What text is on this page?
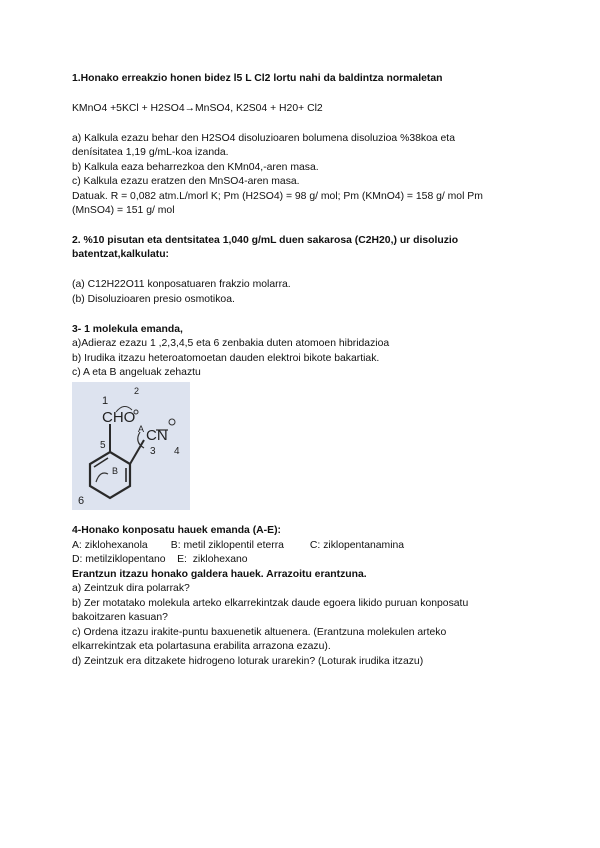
1.Honako erreakzio honen bidez l5 L Cl2 lortu nahi da baldintza normaletan
KMnO4 +5KCl + H2SO4→MnSO4, K2S04 + H20+ Cl2
a) Kalkula ezazu behar den H2SO4 disoluzioaren bolumena disoluzioa %38koa eta
denísitatea 1,19 g/mL-koa izanda.
b) Kalkula eaza beharrezkoa den KMn04,-aren masa.
c) Kalkula ezazu eratzen den MnSO4-aren masa.
Datuak. R = 0,082 atm.L/morl K; Pm (H2SO4) = 98 g/ mol; Pm (KMnO4) = 158 g/ mol Pm
(MnSO4) = 151 g/ mol
2. %10 pisutan eta dentsitatea 1,040 g/mL duen sakarosa (C2H20,) ur disoluzio
batentzat,kalkulatu:
(a) C12H22O11 konposatuaren frakzio molarra.
(b) Disoluzioaren presio osmotikoa.
3- 1 molekula emanda,
a)Adieraz ezazu 1 ,2,3,4,5 eta 6 zenbakia duten atomoen hibridazioa
b) Irudika itzazu heteroatomoetan dauden elektroi bikote bakartiak.
c) A eta B angeluak zehaztu
1
2
CHO
5
A CN
3 4
B
6
4-Honako konposatu hauek emanda (A-E):
A: ziklohexanola        B: metil ziklopentil eterra         C: ziklopentanamina
D: metilziklopentano    E:  ziklohexano
Erantzun itzazu honako galdera hauek. Arrazoitu erantzuna.
a) Zeintzuk dira polarrak?
b) Zer motatako molekula arteko elkarrekintzak daude egoera likido puruan konposatu
bakoitzaren kasuan?
c) Ordena itzazu irakite-puntu baxuenetik altuenera. (Erantzuna molekulen arteko
elkarrekintzak eta polartasuna erabilita arrazona ezazu).
d) Zeintzuk era ditzakete hidrogeno loturak urarekin? (Loturak irudika itzazu)
